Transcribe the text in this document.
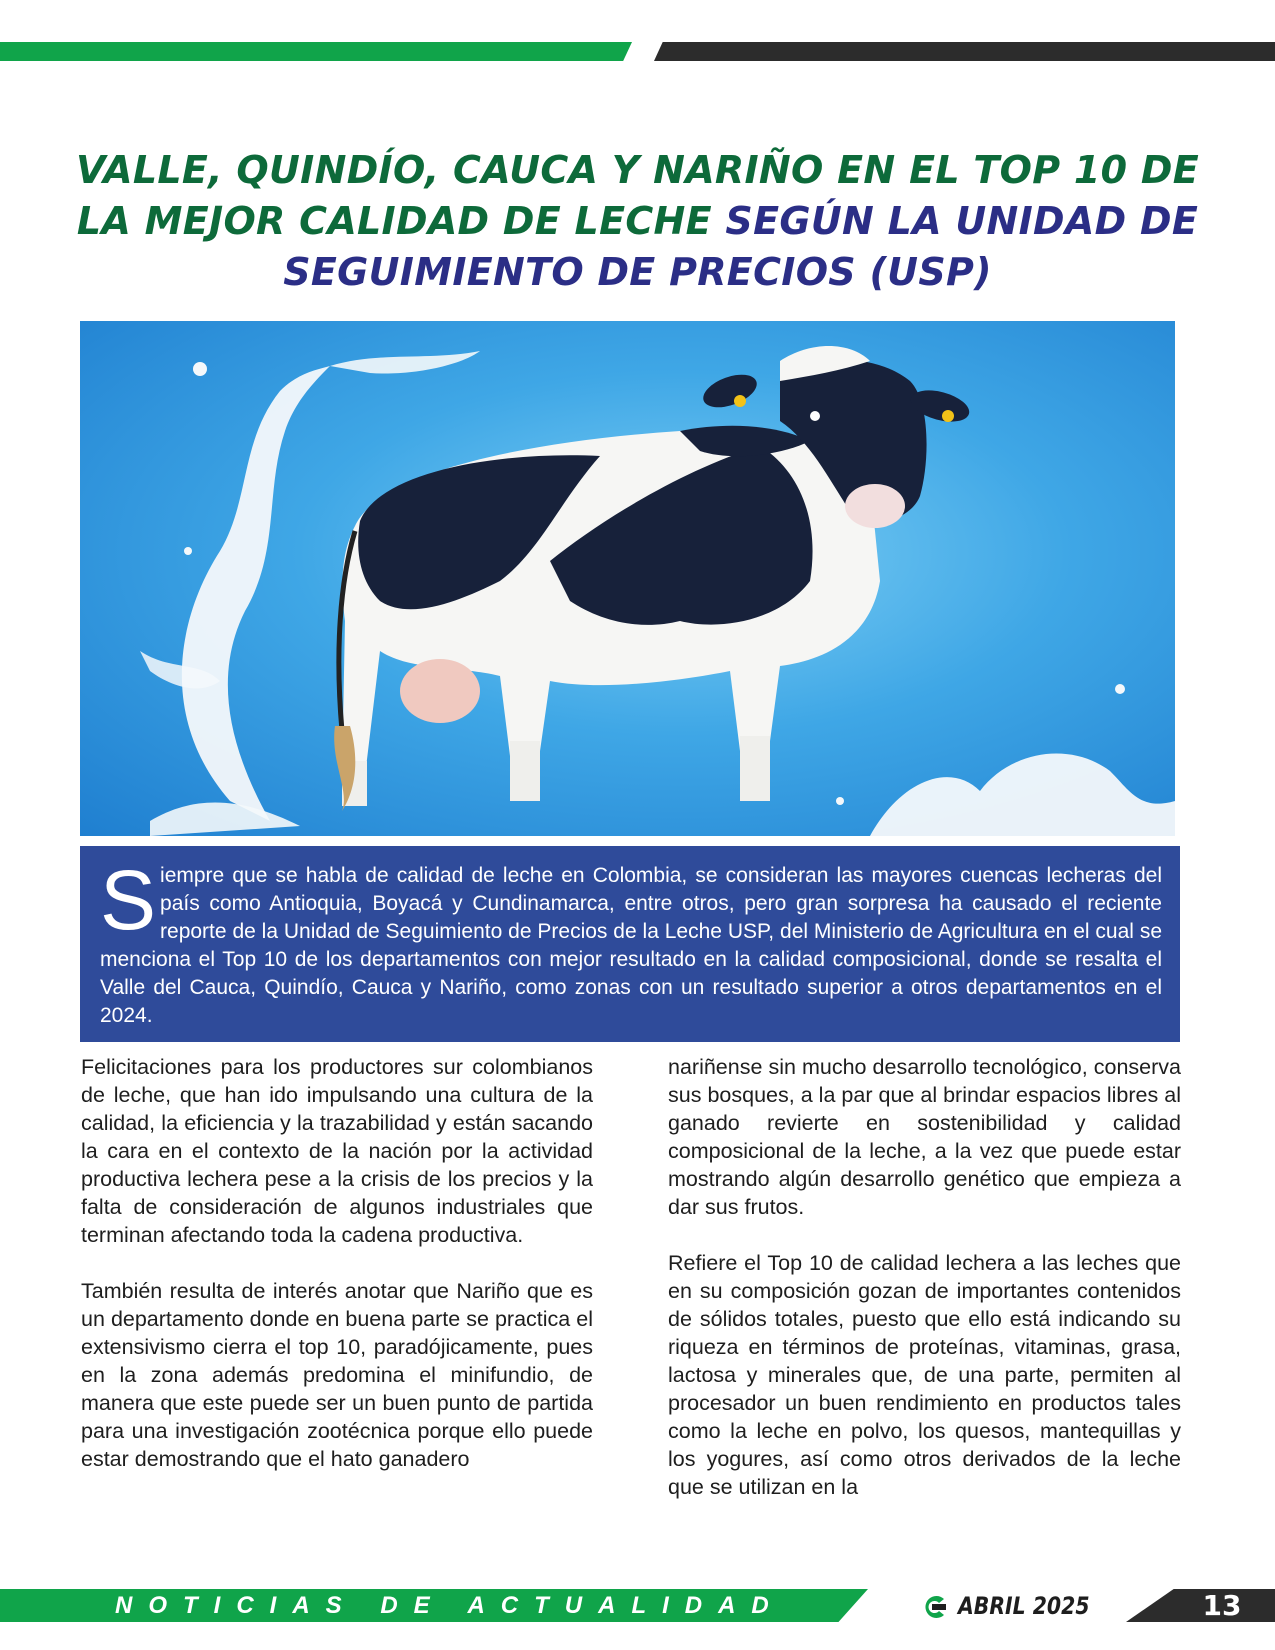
VALLE, QUINDÍO, CAUCA Y NARIÑO EN EL TOP 10 DE LA MEJOR CALIDAD DE LECHE SEGÚN LA UNIDAD DE SEGUIMIENTO DE PRECIOS (USP)
S iempre que se habla de calidad de leche en Colombia, se consideran las mayores cuencas lecheras del país como Antioquia, Boyacá y Cundinamarca, entre otros, pero gran sorpresa ha causado el reciente reporte de la Unidad de Seguimiento de Precios de la Leche USP, del Ministerio de Agricultura en el cual se menciona el Top 10 de los departamentos con mejor resultado en la calidad composicional, donde se resalta el Valle del Cauca, Quindío, Cauca y Nariño, como zonas con un resultado superior a otros departamentos en el 2024.

Felicitaciones para los productores sur colombianos de leche, que han ido impulsando una cultura de la calidad, la eficiencia y la trazabilidad y están sacando la cara en el contexto de la nación por la actividad productiva lechera pese a la crisis de los precios y la falta de consideración de algunos industriales que terminan afectando toda la cadena productiva.

También resulta de interés anotar que Nariño que es un departamento donde en buena parte se practica el extensivismo cierra el top 10, paradójicamente, pues en la zona además predomina el minifundio, de manera que este puede ser un buen punto de partida para una investigación zootécnica porque ello puede estar demostrando que el hato ganadero

nariñense sin mucho desarrollo tecnológico, conserva sus bosques, a la par que al brindar espacios libres al ganado revierte en sostenibilidad y calidad composicional de la leche, a la vez que puede estar mostrando algún desarrollo genético que empieza a dar sus frutos.

Refiere el Top 10 de calidad lechera a las leches que en su composición gozan de importantes contenidos de sólidos totales, puesto que ello está indicando su riqueza en términos de proteínas, vitaminas, grasa, lactosa y minerales que, de una parte, permiten al procesador un buen rendimiento en productos tales como la leche en polvo, los quesos, mantequillas y los yogures, así como otros derivados de la leche que se utilizan en la

NOTICIAS DE ACTUALIDAD	ABRIL 2025	13
